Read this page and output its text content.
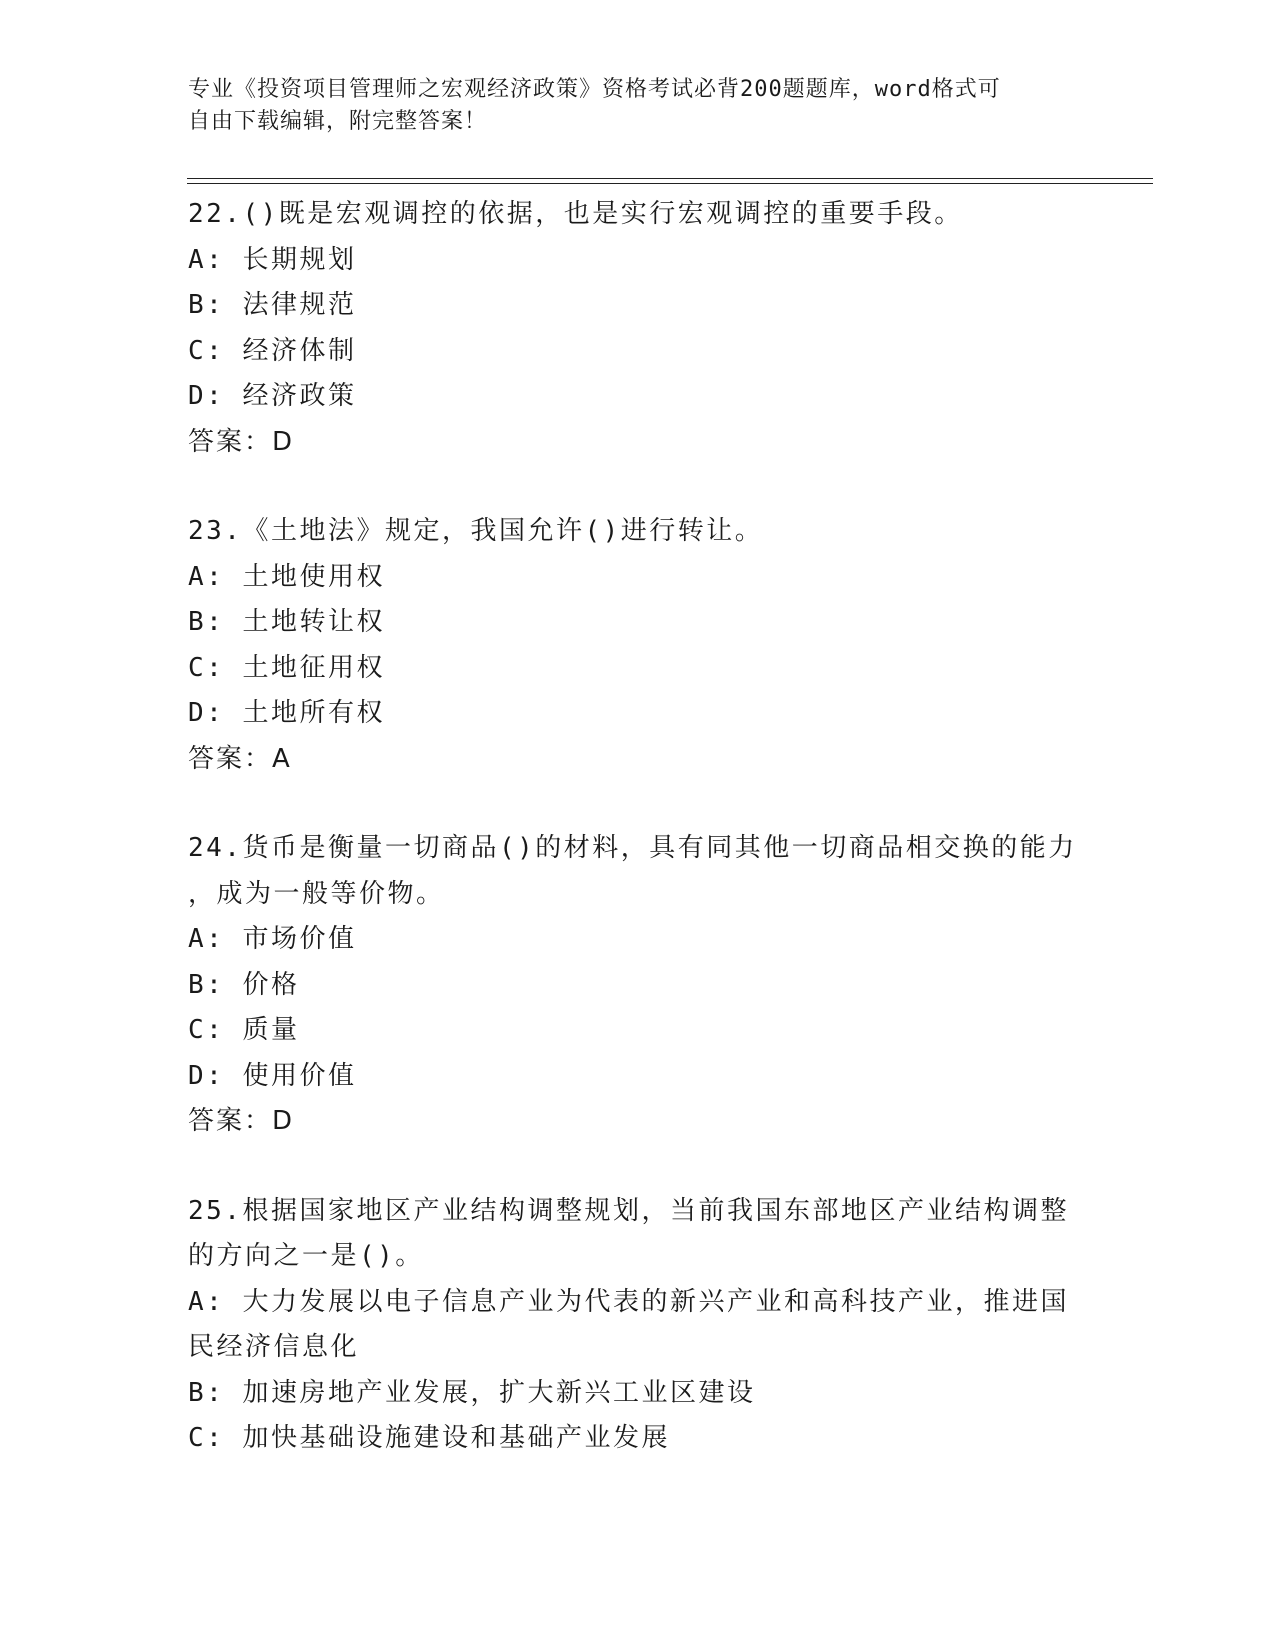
专业《投资项目管理师之宏观经济政策》资格考试必背200题题库，word格式可
自由下载编辑，附完整答案！
22.()既是宏观调控的依据，也是实行宏观调控的重要手段。
A: 长期规划
B: 法律规范
C: 经济体制
D: 经济政策
答案：D
23.《土地法》规定，我国允许()进行转让。
A: 土地使用权
B: 土地转让权
C: 土地征用权
D: 土地所有权
答案：A
24.货币是衡量一切商品()的材料，具有同其他一切商品相交换的能力
，成为一般等价物。
A: 市场价值
B: 价格
C: 质量
D: 使用价值
答案：D
25.根据国家地区产业结构调整规划，当前我国东部地区产业结构调整
的方向之一是()。
A: 大力发展以电子信息产业为代表的新兴产业和高科技产业，推进国
民经济信息化
B: 加速房地产业发展，扩大新兴工业区建设
C: 加快基础设施建设和基础产业发展
